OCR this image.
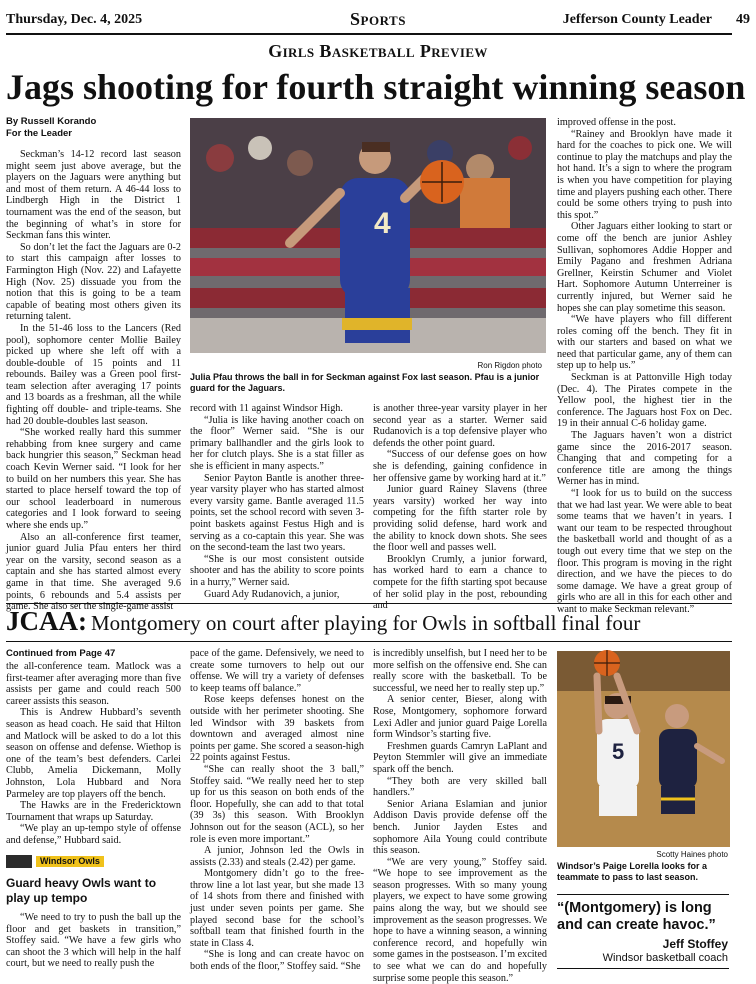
Thursday, Dec. 4, 2025	Sports	Jefferson County Leader 49
Girls Basketball Preview
Jags shooting for fourth straight winning season
By Russell Korando
For the Leader
4
Ron Rigdon photo
Julia Pfau throws the ball in for Seckman against Fox last season. Pfau is a junior guard for the Jaguars.

Seckman’s 14-12 record last season might seem just above average, but the players on the Jaguars were anything but and most of them return. A 46-44 loss to Lindbergh High in the District 1 tournament was the end of the season, but the beginning of what’s in store for Seckman fans this winter.

So don’t let the fact the Jaguars are 0-2 to start this campaign after losses to Farmington High (Nov. 22) and Lafayette High (Nov. 25) dissuade you from the notion that this is going to be a team capable of beating most others given its returning talent.

In the 51-46 loss to the Lancers (Red pool), sophomore center Mollie Bailey picked up where she left off with a double-double of 15 points and 11 rebounds. Bailey was a Green pool first-team selection after averaging 17 points and 13 boards as a freshman, all the while fighting off double- and triple-teams. She had 20 double-doubles last season.

“She worked really hard this summer rehabbing from knee surgery and came back hungrier this season,” Seckman head coach Kevin Werner said. “I look for her to build on her numbers this year. She has started to place herself toward the top of our school leaderboard in numerous categories and I look forward to seeing where she ends up.”

Also an all-conference first teamer, junior guard Julia Pfau enters her third year on the varsity, second season as a captain and she has started almost every game in that time. She averaged 9.6 points, 6 rebounds and 5.4 assists per game. She also set the single-game assist

record with 11 against Windsor High.

“Julia is like having another coach on the floor” Werner said. “She is our primary ballhandler and the girls look to her for clutch plays. She is a stat filler as she is efficient in many aspects.”

Senior Payton Bantle is another three-year varsity player who has started almost every varsity game. Bantle averaged 11.5 points, set the school record with seven 3-point baskets against Festus High and is serving as a co-captain this year. She was on the second-team the last two years.

“She is our most consistent outside shooter and has the ability to score points in a hurry,” Werner said.

Guard Ady Rudanovich, a junior,

is another three-year varsity player in her second year as a starter. Werner said Rudanovich is a top defensive player who defends the other point guard.

“Success of our defense goes on how she is defending, gaining confidence in her offensive game by working hard at it.”

Junior guard Rainey Slavens (three years varsity) worked her way into competing for the fifth starter role by providing solid defense, hard work and the ability to knock down shots. She sees the floor well and passes well.

Brooklyn Crumly, a junior forward, has worked hard to earn a chance to compete for the fifth starting spot because of her solid play in the post, rebounding and

improved offense in the post.

“Rainey and Brooklyn have made it hard for the coaches to pick one. We will continue to play the matchups and play the hot hand. It’s a sign to where the program is when you have competition for playing time and players pushing each other. There could be some others trying to push into this spot.”

Other Jaguars either looking to start or come off the bench are junior Ashley Sullivan, sophomores Addie Hopper and Emily Pagano and freshmen Adriana Grellner, Keirstin Schumer and Violet Hart. Sophomore Autumn Unterreiner is currently injured, but Werner said he hopes she can play sometime this season.

“We have players who fill different roles coming off the bench. They fit in with our starters and based on what we need that particular game, any of them can step up to help us.”

Seckman is at Pattonville High today (Dec. 4). The Pirates compete in the Yellow pool, the highest tier in the conference. The Jaguars host Fox on Dec. 19 in their annual C-6 holiday game.

The Jaguars haven’t won a district game since the 2016-2017 season. Changing that and competing for a conference title are among the things Werner has in mind.

“I look for us to build on the success that we had last year. We were able to beat some teams that we haven’t in years. I want our team to be respected throughout the basketball world and thought of as a tough out every time that we step on the floor. This program is moving in the right direction, and we have the pieces to do some damage. We have a great group of girls who are all in this for each other and want to make Seckman relevant.”

JCAA: Montgomery on court after playing for Owls in softball final four
Continued from Page 47

the all-conference team. Matlock was a first-teamer after averaging more than five assists per game and could reach 500 career assists this season.

This is Andrew Hubbard’s seventh season as head coach. He said that Hilton and Matlock will be asked to do a lot this season on offense and defense. Wiethop is one of the team’s best defenders. Carlei Clubb, Amelia Dickemann, Molly Johnston, Lola Hubbard and Nora Parmeley are top players off the bench.

The Hawks are in the Fredericktown Tournament that wraps up Saturday.

“We play an up-tempo style of offense and defense,” Hubbard said.

Windsor Owls
Guard heavy Owls want to play up tempo

“We need to try to push the ball up the floor and get baskets in transition,” Stoffey said. “We have a few girls who can shoot the 3 which will help in the half court, but we need to really push the

pace of the game. Defensively, we need to create some turnovers to help out our offense. We will try a variety of defenses to keep teams off balance.”

Rose keeps defenses honest on the outside with her perimeter shooting. She led Windsor with 39 baskets from downtown and averaged almost nine points per game. She scored a season-high 22 points against Festus.

“She can really shoot the 3 ball,” Stoffey said. “We really need her to step up for us this season on both ends of the floor. Hopefully, she can add to that total (39 3s) this season. With Brooklyn Johnson out for the season (ACL), so her role is even more important.”

A junior, Johnson led the Owls in assists (2.33) and steals (2.42) per game.

Montgomery didn’t go to the free-throw line a lot last year, but she made 13 of 14 shots from there and finished with just under seven points per game. She played second base for the school’s softball team that finished fourth in the state in Class 4.

“She is long and can create havoc on both ends of the floor,” Stoffey said. “She

is incredibly unselfish, but I need her to be more selfish on the offensive end. She can really score with the basketball. To be successful, we need her to really step up.”

A senior center, Bieser, along with Rose, Montgomery, sophomore forward Lexi Adler and junior guard Paige Lorella form Windsor’s starting five.

Freshmen guards Camryn LaPlant and Peyton Stemmler will give an immediate spark off the bench.

“They both are very skilled ball handlers.”

Senior Ariana Eslamian and junior Addison Davis provide defense off the bench. Junior Jayden Estes and sophomore Aila Young could contribute this season.

“We are very young,” Stoffey said. “We hope to see improvement as the season progresses. With so many young players, we expect to have some growing pains along the way, but we should see improvement as the season progresses. We hope to have a winning season, a winning conference record, and hopefully win some games in the postseason. I’m excited to see what we can do and hopefully surprise some people this season.”

5
Scotty Haines photo
Windsor’s Paige Lorella looks for a teammate to pass to last season.
“(Montgomery) is long and can create havoc.”
Jeff Stoffey
Windsor basketball coach
